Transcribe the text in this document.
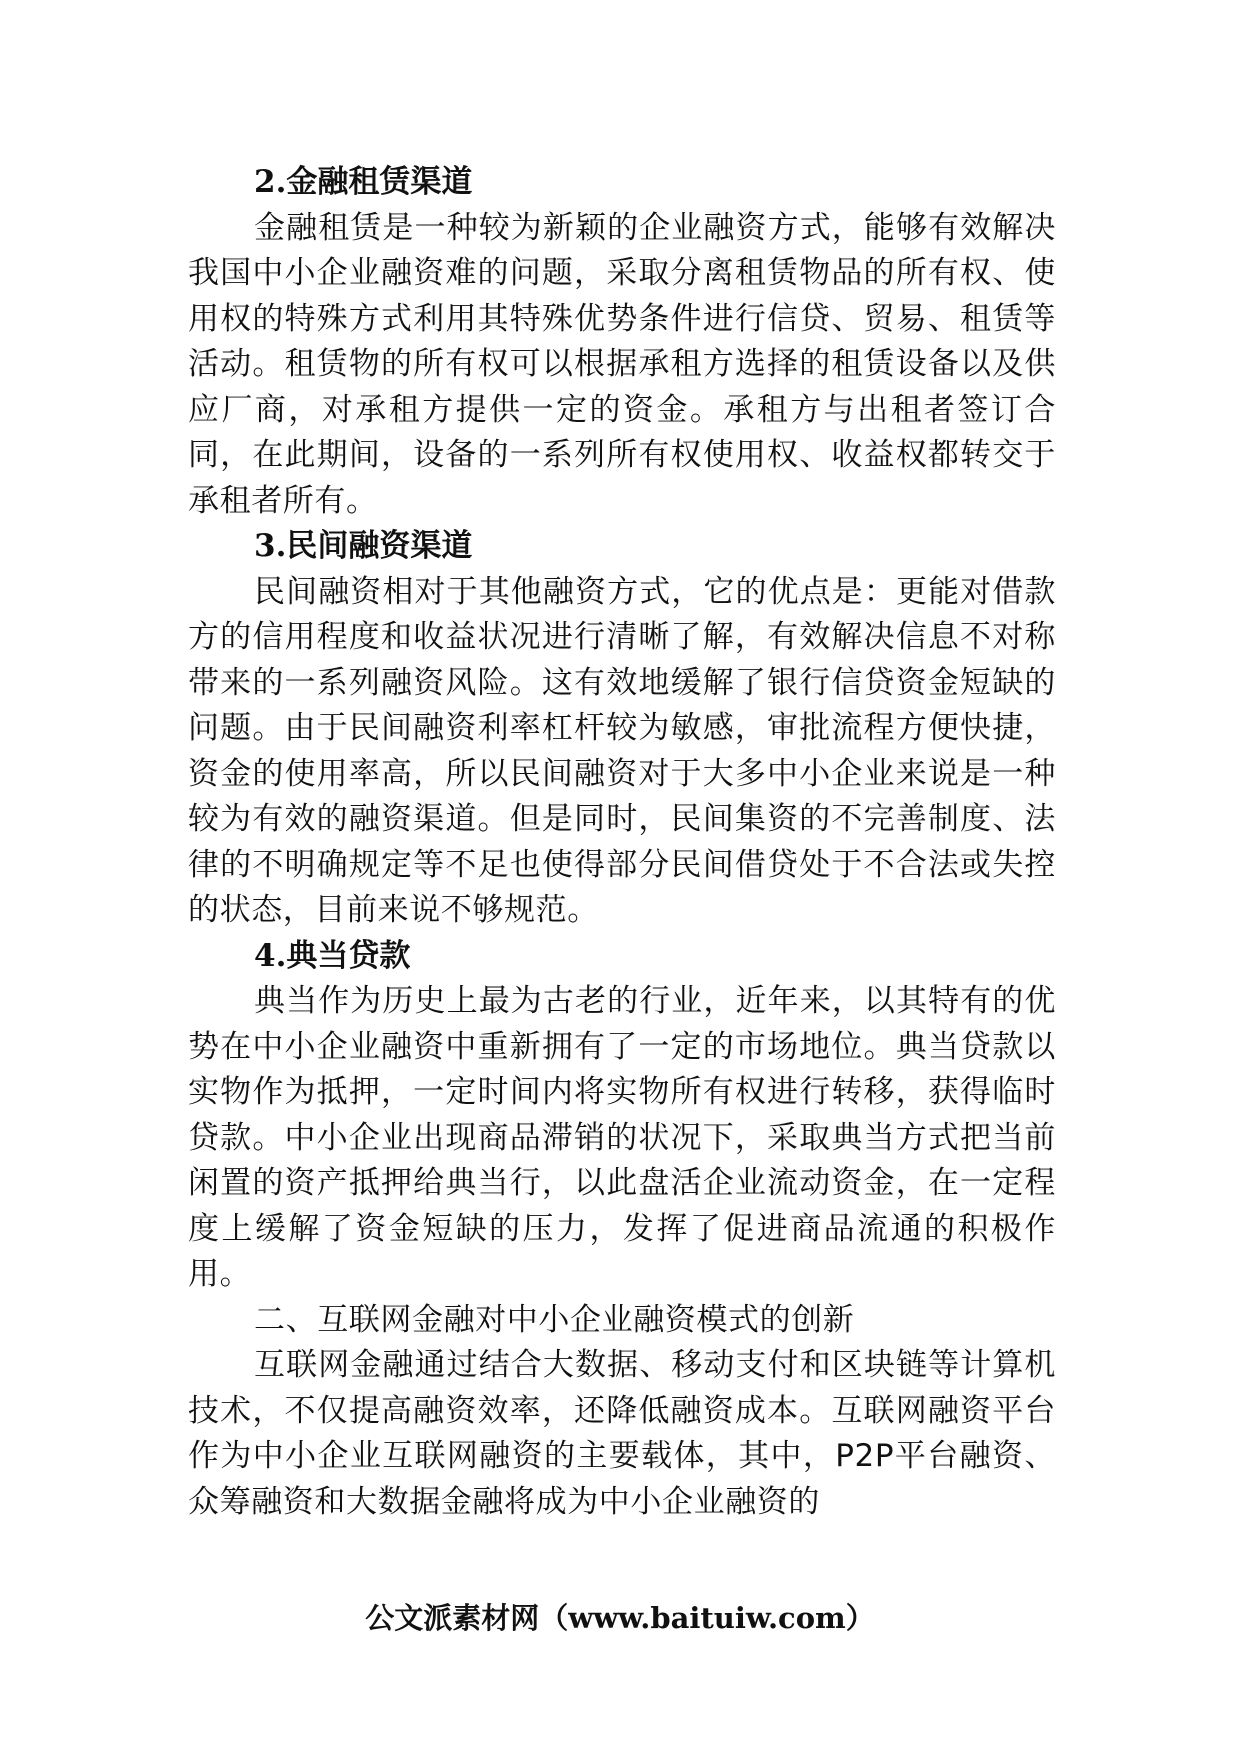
2.金融租赁渠道

金融租赁是一种较为新颖的企业融资方式，能够有效解决我国中小企业融资难的问题，采取分离租赁物品的所有权、使用权的特殊方式利用其特殊优势条件进行信贷、贸易、租赁等活动。租赁物的所有权可以根据承租方选择的租赁设备以及供应厂商，对承租方提供一定的资金。承租方与出租者签订合同，在此期间，设备的一系列所有权使用权、收益权都转交于承租者所有。

3.民间融资渠道

民间融资相对于其他融资方式，它的优点是：更能对借款方的信用程度和收益状况进行清晰了解，有效解决信息不对称带来的一系列融资风险。这有效地缓解了银行信贷资金短缺的问题。由于民间融资利率杠杆较为敏感，审批流程方便快捷，资金的使用率高，所以民间融资对于大多中小企业来说是一种较为有效的融资渠道。但是同时，民间集资的不完善制度、法律的不明确规定等不足也使得部分民间借贷处于不合法或失控的状态，目前来说不够规范。

4.典当贷款

典当作为历史上最为古老的行业，近年来，以其特有的优势在中小企业融资中重新拥有了一定的市场地位。典当贷款以实物作为抵押，一定时间内将实物所有权进行转移，获得临时贷款。中小企业出现商品滞销的状况下，采取典当方式把当前闲置的资产抵押给典当行，以此盘活企业流动资金，在一定程度上缓解了资金短缺的压力，发挥了促进商品流通的积极作用。

二、互联网金融对中小企业融资模式的创新

互联网金融通过结合大数据、移动支付和区块链等计算机技术，不仅提高融资效率，还降低融资成本。互联网融资平台作为中小企业互联网融资的主要载体，其中，P2P平台融资、众筹融资和大数据金融将成为中小企业融资的

公文派素材网（www.baituiw.com）
